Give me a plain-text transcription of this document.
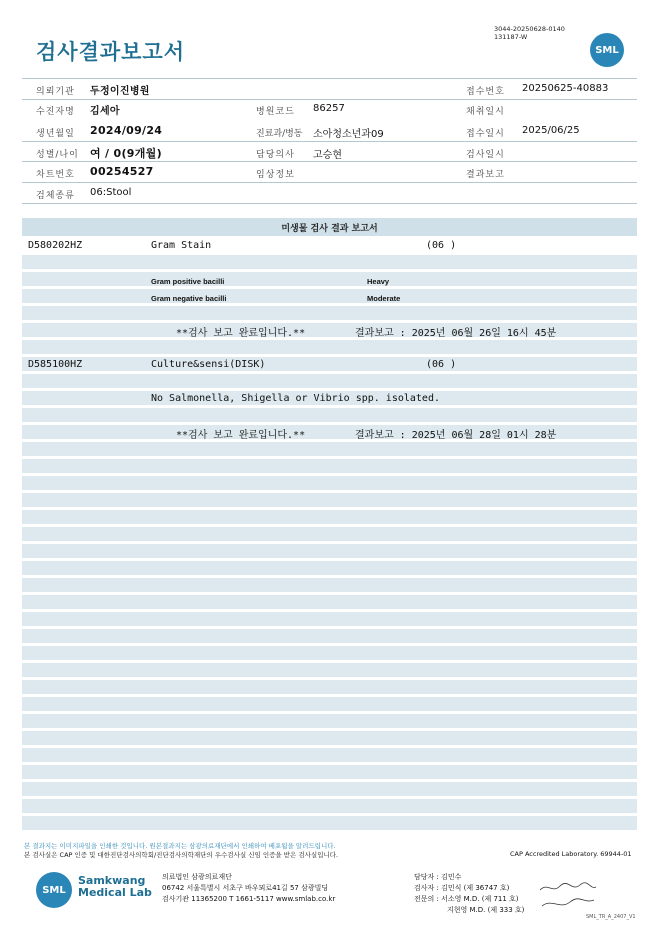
검사결과보고서
3044-20250628-0140
131187-W
SML
의뢰기관 두정이진병원	접수번호 20250625-40883
수진자명 김세아	병원코드 86257	채취일시
생년월일 2024/09/24	진료과/병동 소아청소년과09	접수일시 2025/06/25
성별/나이 여 / 0(9개월)	담당의사 고승현	검사일시
차트번호 00254527	임상정보	결과보고
검체종류 06:Stool
미생물 검사 결과 보고서
D580202HZ	Gram Stain	(06 )
Gram positive bacilli	Heavy
Gram negative bacilli	Moderate
**검사 보고 완료입니다.**	결과보고 : 2025년 06월 26일 16시 45분
D585100HZ	Culture&sensi(DISK)	(06 )
No Salmonella, Shigella or Vibrio spp. isolated.
**검사 보고 완료입니다.**	결과보고 : 2025년 06월 28일 01시 28분
본 결과지는 이미지파일을 인쇄한 것입니다. 원본결과지는 삼광의료재단에서 인쇄하여 배포됨을 알려드립니다.
본 검사실은 CAP 인증 및 대한진단검사의학회/진단검사의학재단의 우수검사실 신임 인증을 받은 검사실입니다.	CAP Accredited Laboratory. 69944-01
SML
Samkwang
Medical Lab
의료법인 삼광의료재단
06742 서울특별시 서초구 바우뫼로41길 57 삼광빌딩
검사기관 11365200 T 1661-5117 www.smlab.co.kr
담당자 : 김민수
검사자 : 김민식 (제 36747 호)
전문의 : 서소영 M.D. (제 711 호)
지현영 M.D. (제 333 호)
SML_TR_A_2407_V1
